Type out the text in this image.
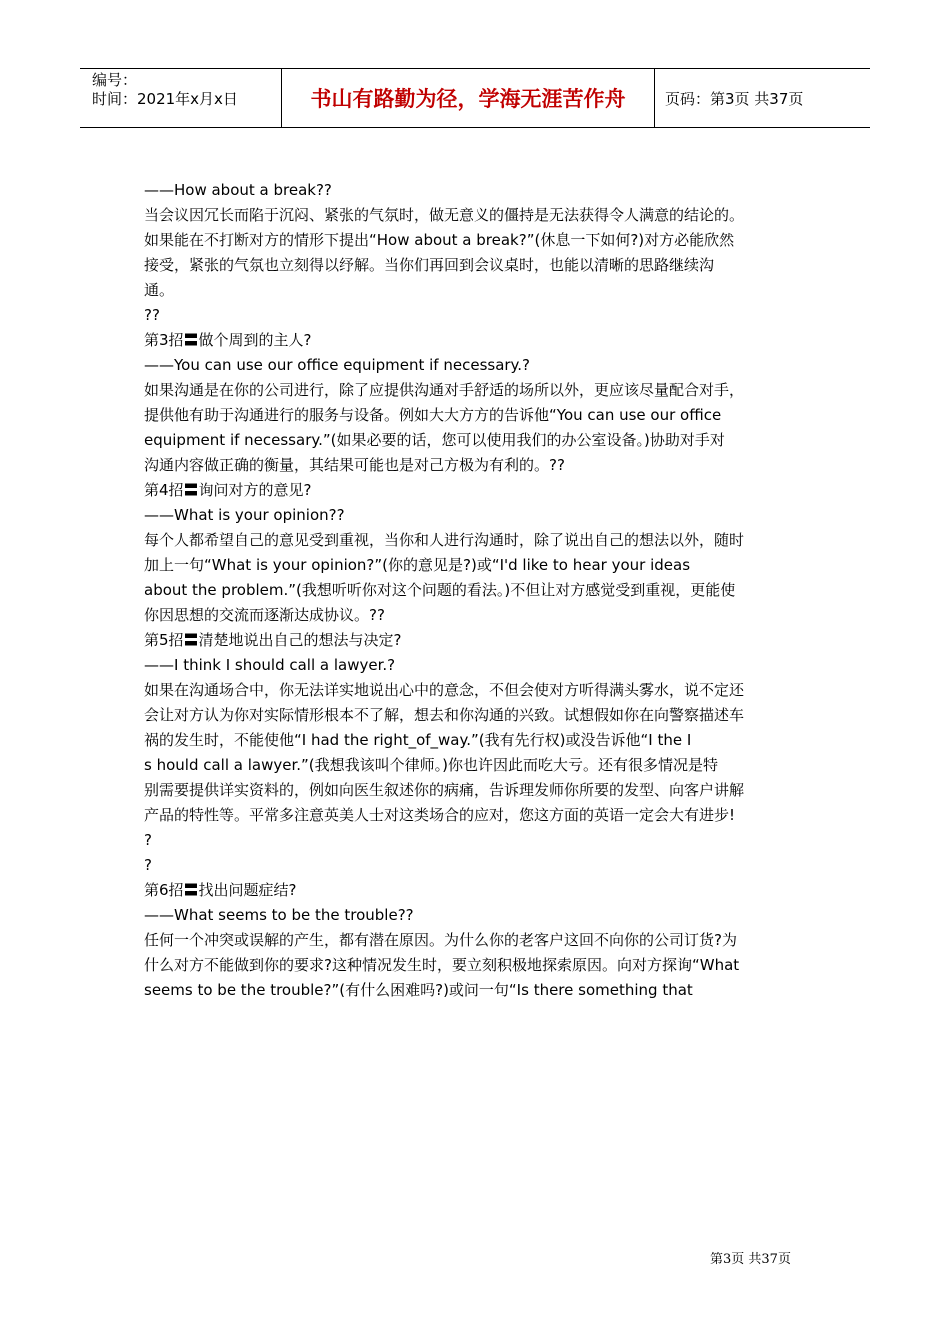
编号：
时间：2021年x月x日	书山有路勤为径，学海无涯苦作舟	页码：第3页 共37页

——How about a break??

当会议因冗长而陷于沉闷、紧张的气氛时，做无意义的僵持是无法获得令人满意的结论的。

如果能在不打断对方的情形下提出“How about a break?”(休息一下如何?)对方必能欣然

接受，紧张的气氛也立刻得以纾解。当你们再回到会议桌时，也能以清晰的思路继续沟

通。

??

第3招〓做个周到的主人?

——You can use our office equipment if necessary.?

如果沟通是在你的公司进行，除了应提供沟通对手舒适的场所以外，更应该尽量配合对手，

提供他有助于沟通进行的服务与设备。例如大大方方的告诉他“You can use our office

equipment if necessary.”(如果必要的话，您可以使用我们的办公室设备。)协助对手对

沟通内容做正确的衡量，其结果可能也是对己方极为有利的。??

第4招〓询问对方的意见?

——What is your opinion??

每个人都希望自己的意见受到重视，当你和人进行沟通时，除了说出自己的想法以外，随时

加上一句“What is your opinion?”(你的意见是?)或“I'd like to hear your ideas

about the problem.”(我想听听你对这个问题的看法。)不但让对方感觉受到重视，更能使

你因思想的交流而逐渐达成协议。??

第5招〓清楚地说出自己的想法与决定?

——I think I should call a lawyer.?

如果在沟通场合中，你无法详实地说出心中的意念，不但会使对方听得满头雾水，说不定还

会让对方认为你对实际情形根本不了解，想去和你沟通的兴致。试想假如你在向警察描述车

祸的发生时，不能使他“I had the right_of_way.”(我有先行权)或没告诉他“I the I

s hould call a lawyer.”(我想我该叫个律师。)你也许因此而吃大亏。还有很多情况是特

别需要提供详实资料的，例如向医生叙述你的病痛，告诉理发师你所要的发型、向客户讲解

产品的特性等。平常多注意英美人士对这类场合的应对，您这方面的英语一定会大有进步!

?

?

第6招〓找出问题症结?

——What seems to be the trouble??

任何一个冲突或误解的产生，都有潜在原因。为什么你的老客户这回不向你的公司订货?为

什么对方不能做到你的要求?这种情况发生时，要立刻积极地探索原因。向对方探询“What

seems to be the trouble?”(有什么困难吗?)或问一句“Is there something that

第3页 共37页
